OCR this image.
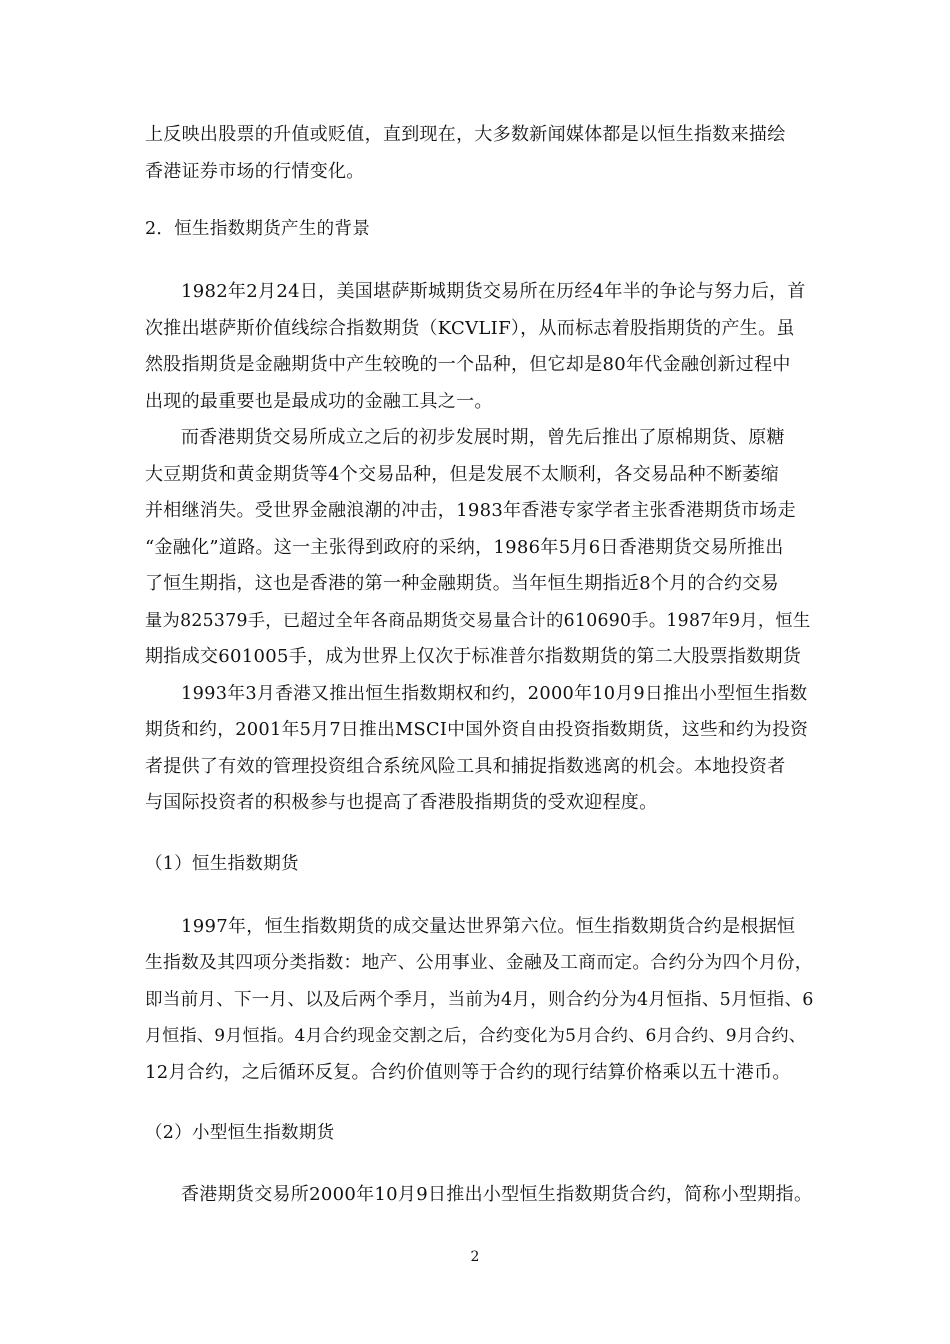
上反映出股票的升值或贬值，直到现在，大多数新闻媒体都是以恒生指数来描绘
香港证券市场的行情变化。
2．恒生指数期货产生的背景
1982年2月24日，美国堪萨斯城期货交易所在历经4年半的争论与努力后，首
次推出堪萨斯价值线综合指数期货（KCVLIF），从而标志着股指期货的产生。虽
然股指期货是金融期货中产生较晚的一个品种，但它却是80年代金融创新过程中
出现的最重要也是最成功的金融工具之一。
而香港期货交易所成立之后的初步发展时期，曾先后推出了原棉期货、原糖
大豆期货和黄金期货等4个交易品种，但是发展不太顺利，各交易品种不断萎缩
并相继消失。受世界金融浪潮的冲击，1983年香港专家学者主张香港期货市场走
“金融化”道路。这一主张得到政府的采纳，1986年5月6日香港期货交易所推出
了恒生期指，这也是香港的第一种金融期货。当年恒生期指近8个月的合约交易
量为825379手，已超过全年各商品期货交易量合计的610690手。1987年9月，恒生
期指成交601005手，成为世界上仅次于标准普尔指数期货的第二大股票指数期货
1993年3月香港又推出恒生指数期权和约，2000年10月9日推出小型恒生指数
期货和约，2001年5月7日推出MSCI中国外资自由投资指数期货，这些和约为投资
者提供了有效的管理投资组合系统风险工具和捕捉指数逃离的机会。本地投资者
与国际投资者的积极参与也提高了香港股指期货的受欢迎程度。
（1）恒生指数期货
1997年，恒生指数期货的成交量达世界第六位。恒生指数期货合约是根据恒
生指数及其四项分类指数：地产、公用事业、金融及工商而定。合约分为四个月份，
即当前月、下一月、以及后两个季月，当前为4月，则合约分为4月恒指、5月恒指、6
月恒指、9月恒指。4月合约现金交割之后，合约变化为5月合约、6月合约、9月合约、
12月合约，之后循环反复。合约价值则等于合约的现行结算价格乘以五十港币。
（2）小型恒生指数期货
香港期货交易所2000年10月9日推出小型恒生指数期货合约，简称小型期指。
2
